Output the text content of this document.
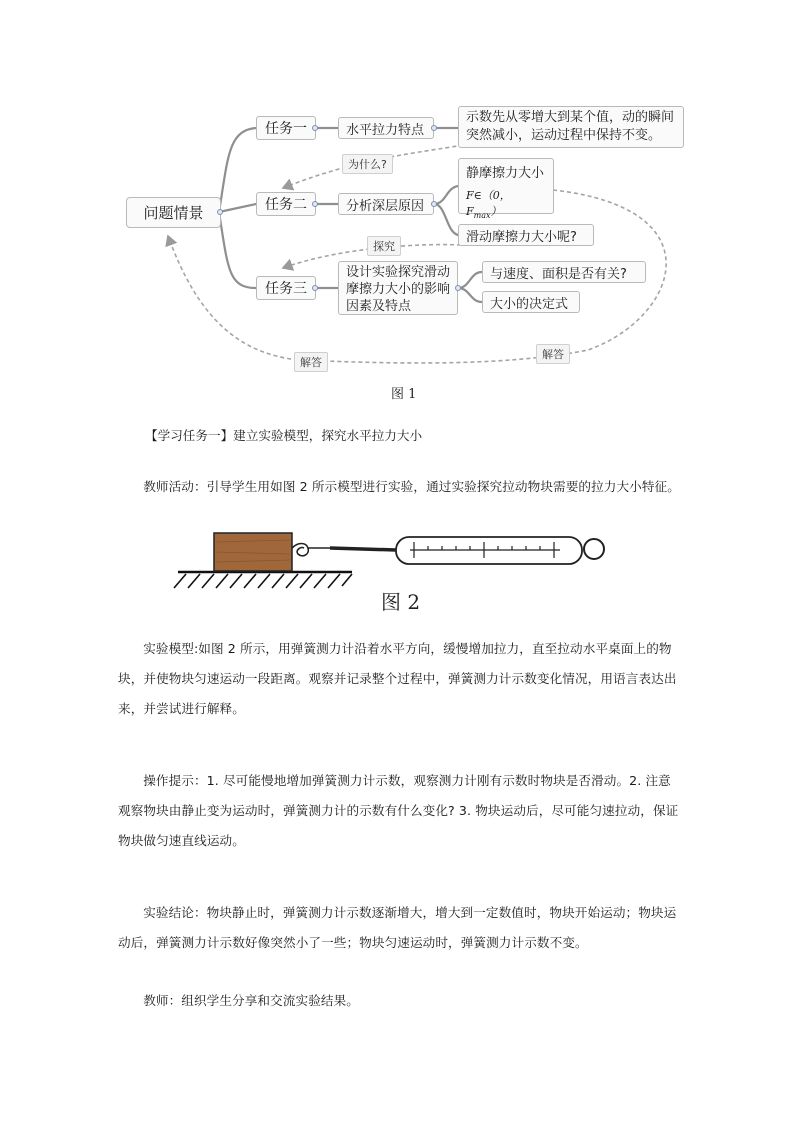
问题情景
任务一
任务二
任务三
水平拉力特点
示数先从零增大到某个值，动的瞬间突然减小，运动过程中保持不变。
分析深层原因
静摩擦力大小
F∈（0，$F_{max}$）
滑动摩擦力大小呢?
设计实验探究滑动摩擦力大小的影响因素及特点
与速度、面积是否有关?
大小的决定式
为什么?
探究
解答
解答
图 1
【学习任务一】建立实验模型，探究水平拉力大小

教师活动：引导学生用如图 2 所示模型进行实验，通过实验探究拉动物块需要的拉力大小特征。

图 2

实验模型:如图 2 所示，用弹簧测力计沿着水平方向，缓慢增加拉力，直至拉动水平桌面上的物块，并使物块匀速运动一段距离。观察并记录整个过程中，弹簧测力计示数变化情况，用语言表达出来，并尝试进行解释。

操作提示：1. 尽可能慢地增加弹簧测力计示数，观察测力计刚有示数时物块是否滑动。2. 注意观察物块由静止变为运动时，弹簧测力计的示数有什么变化? 3. 物块运动后，尽可能匀速拉动，保证物块做匀速直线运动。

实验结论：物块静止时，弹簧测力计示数逐渐增大，增大到一定数值时，物块开始运动；物块运动后，弹簧测力计示数好像突然小了一些；物块匀速运动时，弹簧测力计示数不变。

教师：组织学生分享和交流实验结果。
